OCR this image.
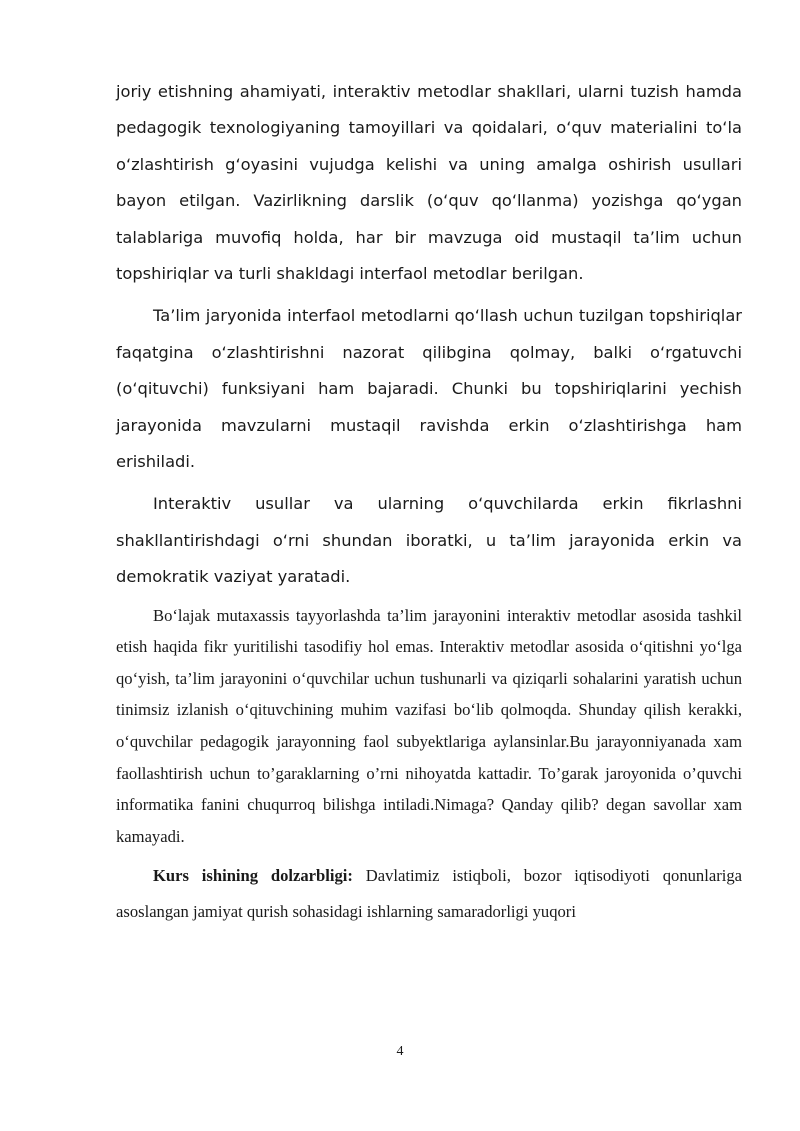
joriy etishning ahamiyati, interaktiv metodlar shakllari, ularni tuzish hamda pedagogik texnologiyaning tamoyillari va qoidalari, o‘quv materialini to‘la o‘zlashtirish g‘oyasini vujudga kelishi va uning amalga oshirish usullari bayon etilgan. Vazirlikning darslik (o‘quv qo‘llanma) yozishga qo‘ygan talablariga muvofiq holda, har bir mavzuga oid mustaqil ta’lim uchun topshiriqlar va turli shakldagi interfaol metodlar berilgan.

Ta’lim jaryonida interfaol metodlarni qo‘llash uchun tuzilgan topshiriqlar faqatgina o‘zlashtirishni nazorat qilibgina qolmay, balki o‘rgatuvchi (o‘qituvchi) funksiyani ham bajaradi. Chunki bu topshiriqlarini yechish jarayonida mavzularni mustaqil ravishda erkin o‘zlashtirishga ham erishiladi.

Interaktiv usullar va ularning o‘quvchilarda erkin fikrlashni shakllantirishdagi o‘rni shundan iboratki, u ta’lim jarayonida erkin va demokratik vaziyat yaratadi.

Bo‘lajak mutaxassis tayyorlashda ta’lim jarayonini interaktiv metodlar asosida tashkil etish haqida fikr yuritilishi tasodifiy hol emas. Interaktiv metodlar asosida o‘qitishni yo‘lga qo‘yish, ta’lim jarayonini o‘quvchilar uchun tushunarli va qiziqarli sohalarini yaratish uchun tinimsiz izlanish o‘qituvchining muhim vazifasi bo‘lib qolmoqda. Shunday qilish kerakki, o‘quvchilar pedagogik jarayonning faol subyektlariga aylansinlar.Bu jarayonniyanada xam faollashtirish uchun to’garaklarning o’rni nihoyatda kattadir. To’garak jaroyonida o’quvchi informatika fanini chuqurroq bilishga intiladi.Nimaga? Qanday qilib? degan savollar xam kamayadi.

Kurs ishining dolzarbligi: Davlatimiz istiqboli, bozor iqtisodiyoti qonunlariga asoslangan jamiyat qurish sohasidagi ishlarning samaradorligi yuqori

4
